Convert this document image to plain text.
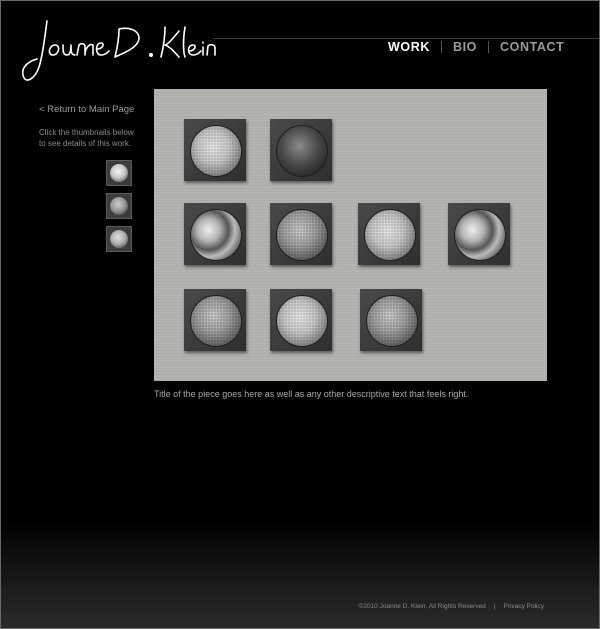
WORK	BIO	CONTACT
< Return to Main Page
Click the thumbnails below to see details of this work.
Title of the piece goes here as well as any other descriptive text that feels right.
©2010 Joanne D. Klein, All Rights Reserved | Privacy Policy
